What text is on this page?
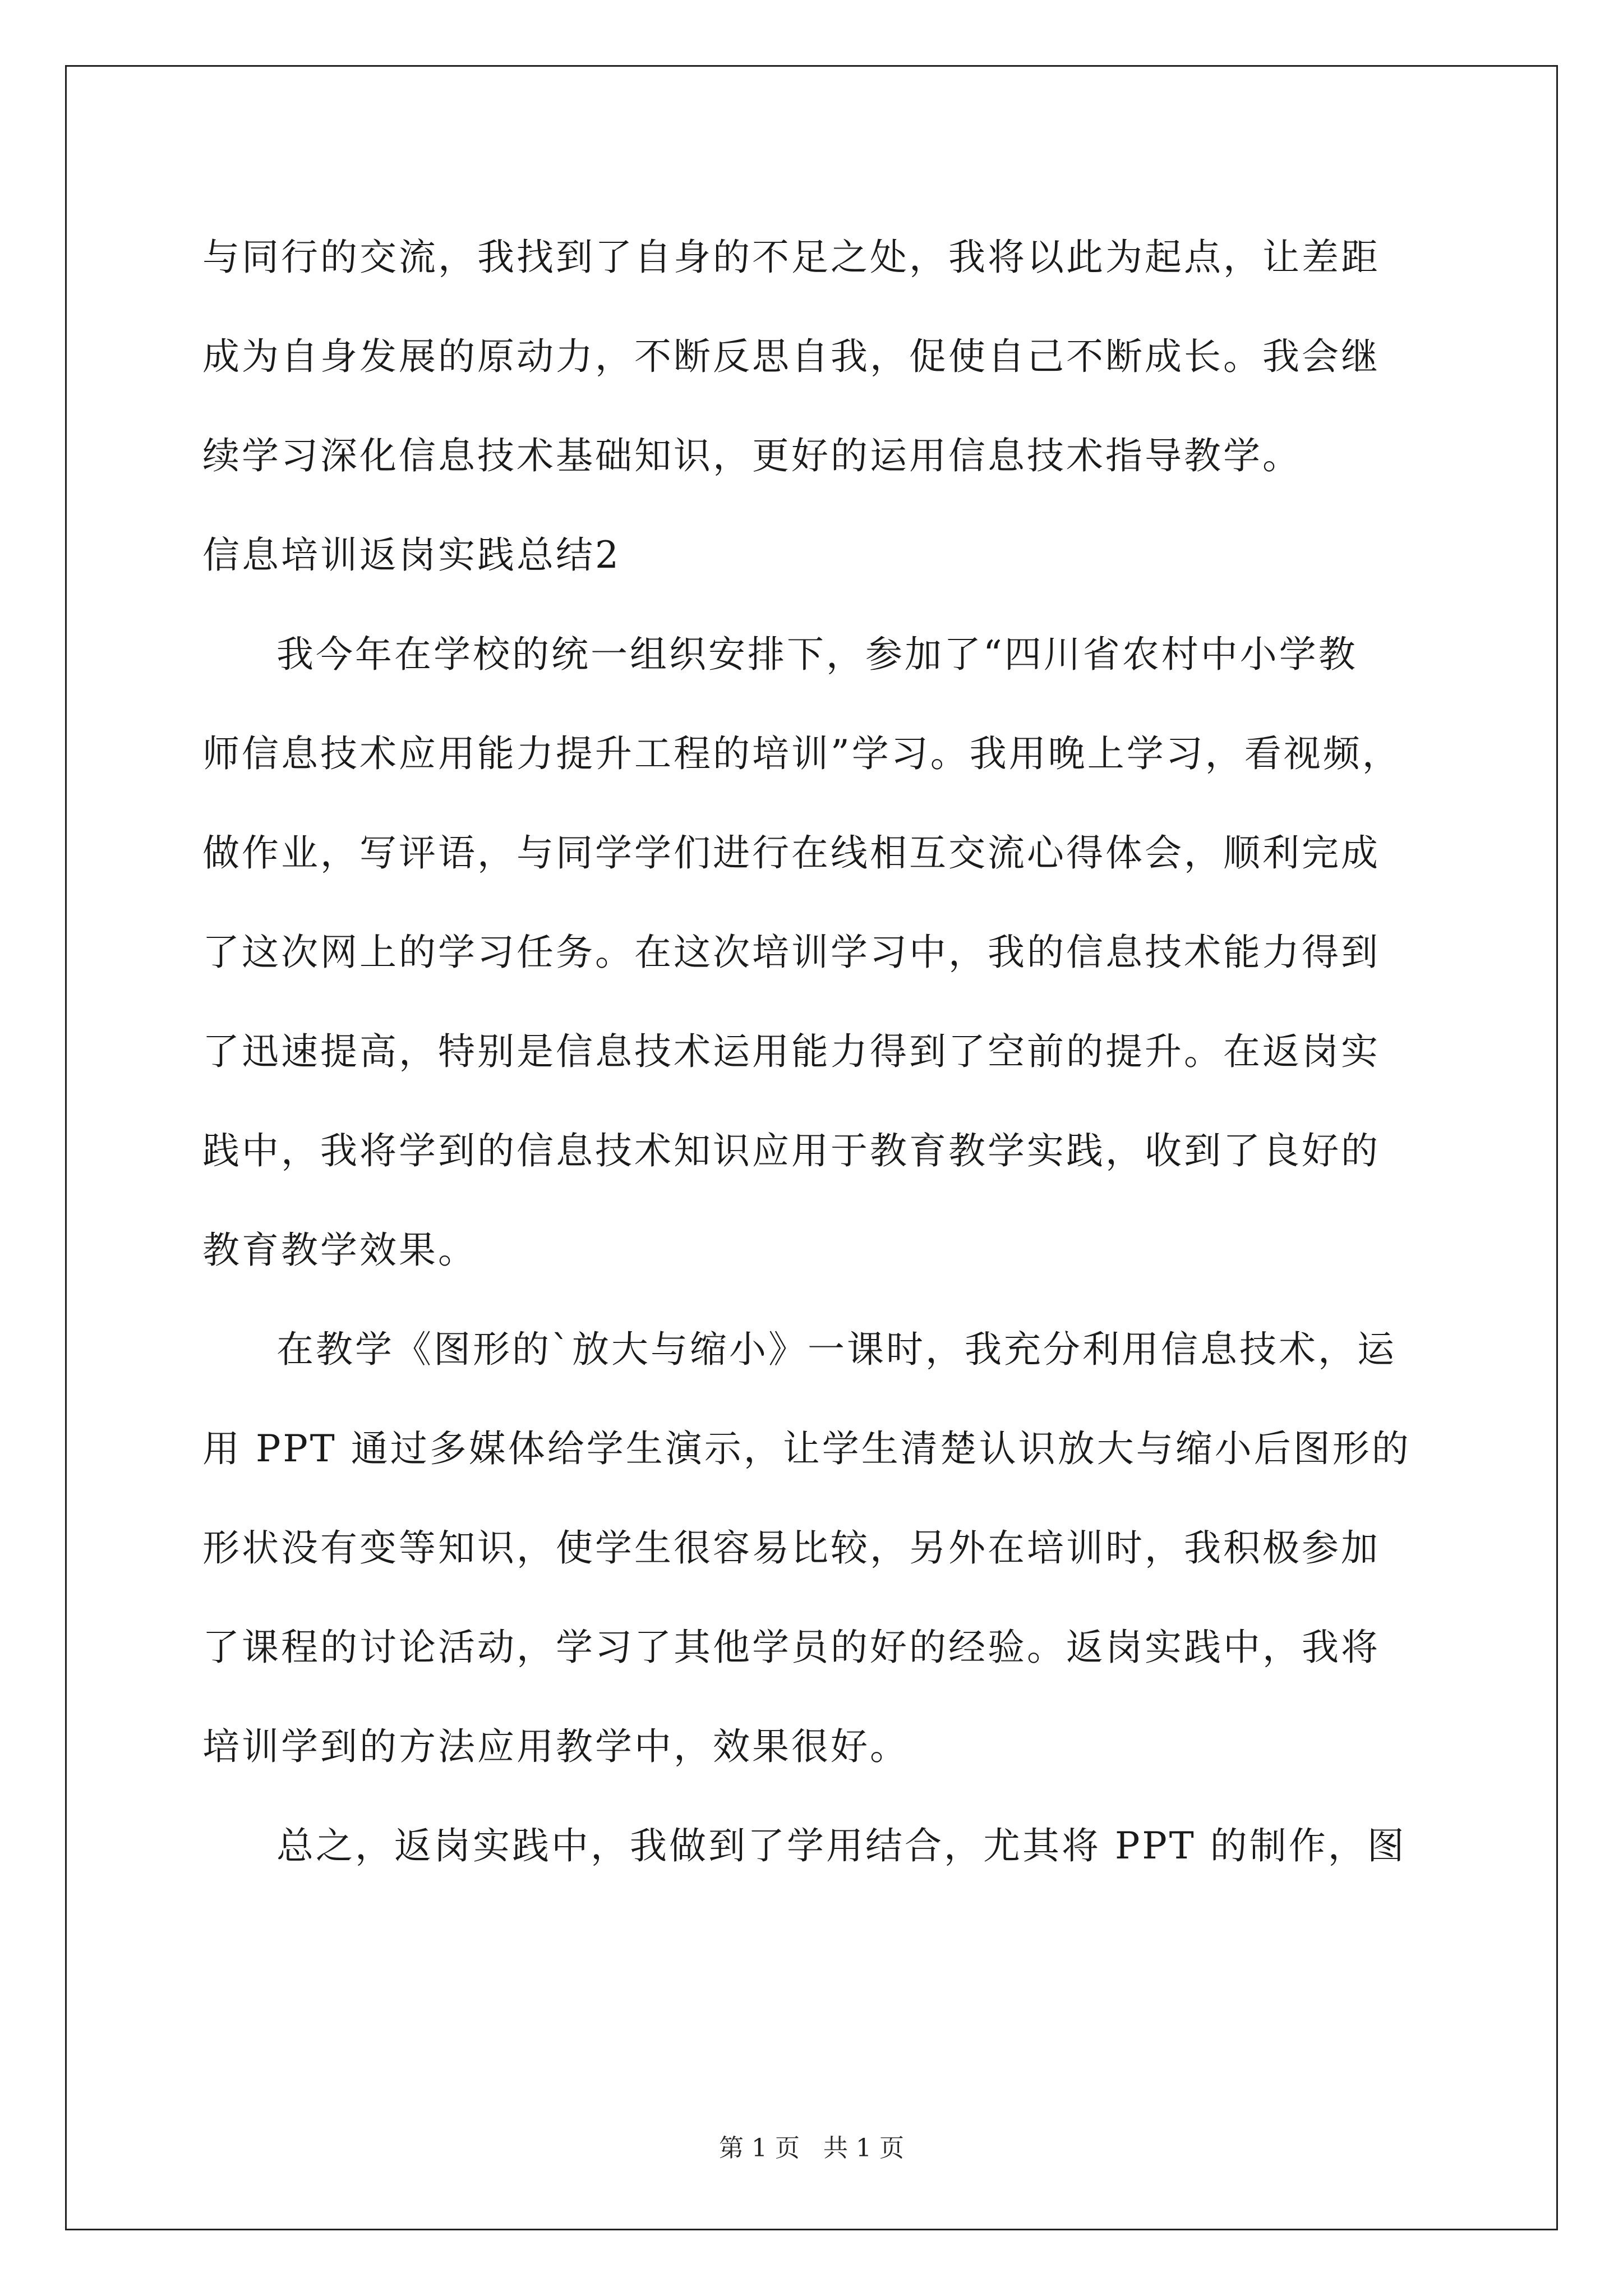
与同行的交流，我找到了自身的不足之处，我将以此为起点，让差距
成为自身发展的原动力，不断反思自我，促使自己不断成长。我会继
续学习深化信息技术基础知识，更好的运用信息技术指导教学。
信息培训返岗实践总结2
我今年在学校的统一组织安排下，参加了“四川省农村中小学教
师信息技术应用能力提升工程的培训”学习。我用晚上学习，看视频，
做作业，写评语，与同学学们进行在线相互交流心得体会，顺利完成
了这次网上的学习任务。在这次培训学习中，我的信息技术能力得到
了迅速提高，特别是信息技术运用能力得到了空前的提升。在返岗实
践中，我将学到的信息技术知识应用于教育教学实践，收到了良好的
教育教学效果。
在教学《图形的`放大与缩小》一课时，我充分利用信息技术，运
用 PPT 通过多媒体给学生演示，让学生清楚认识放大与缩小后图形的
形状没有变等知识，使学生很容易比较，另外在培训时，我积极参加
了课程的讨论活动，学习了其他学员的好的经验。返岗实践中，我将
培训学到的方法应用教学中，效果很好。
总之，返岗实践中，我做到了学用结合，尤其将 PPT 的制作，图
第 1 页 共 1 页
